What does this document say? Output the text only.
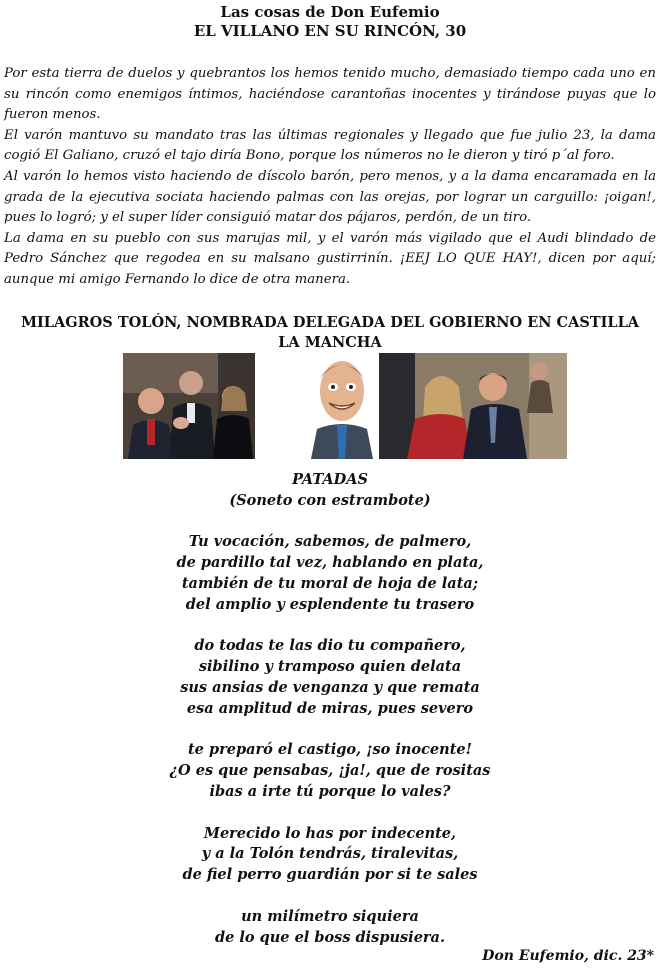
Las cosas de Don Eufemio
EL VILLANO EN SU RINCÓN, 30

Por esta tierra de duelos y quebrantos los hemos tenido mucho, demasiado tiempo cada uno en su rincón como enemigos íntimos, haciéndose carantoñas inocentes y tirándose puyas que lo fueron menos.

El varón mantuvo su mandato tras las últimas regionales y llegado que fue julio 23, la dama cogió El Galiano, cruzó el tajo diría Bono, porque los números no le dieron y tiró p´al foro.

Al varón lo hemos visto haciendo de díscolo barón, pero menos, y a la dama encaramada en la grada de la ejecutiva sociata haciendo palmas con las orejas, por lograr un carguillo: ¡oigan!, pues lo logró; y el super líder consiguió matar dos pájaros, perdón, de un tiro.

La dama en su pueblo con sus marujas mil, y el varón más vigilado que el Audi blindado de Pedro Sánchez que regodea en su malsano gustirrinín. ¡EEJ LO QUE HAY!, dicen por aquí; aunque mi amigo Fernando lo dice de otra manera.

MILAGROS TOLÓN, NOMBRADA DELEGADA DEL GOBIERNO EN CASTILLA LA MANCHA
PATADAS
(Soneto con estrambote)
Tu vocación, sabemos, de palmero,
de pardillo tal vez, hablando en plata,
también de tu moral de hoja de lata;
del amplio y esplendente tu trasero
do todas te las dio tu compañero,
sibilino y tramposo quien delata
sus ansias de venganza y que remata
esa amplitud de miras, pues severo
te preparó el castigo, ¡so inocente!
¿O es que pensabas, ¡ja!, que de rositas
ibas a irte tú porque lo vales?
Merecido lo has por indecente,
y a la Tolón tendrás, tiralevitas,
de fiel perro guardián por si te sales
un milímetro siquiera
de lo que el boss dispusiera.
Don Eufemio, dic. 23*
